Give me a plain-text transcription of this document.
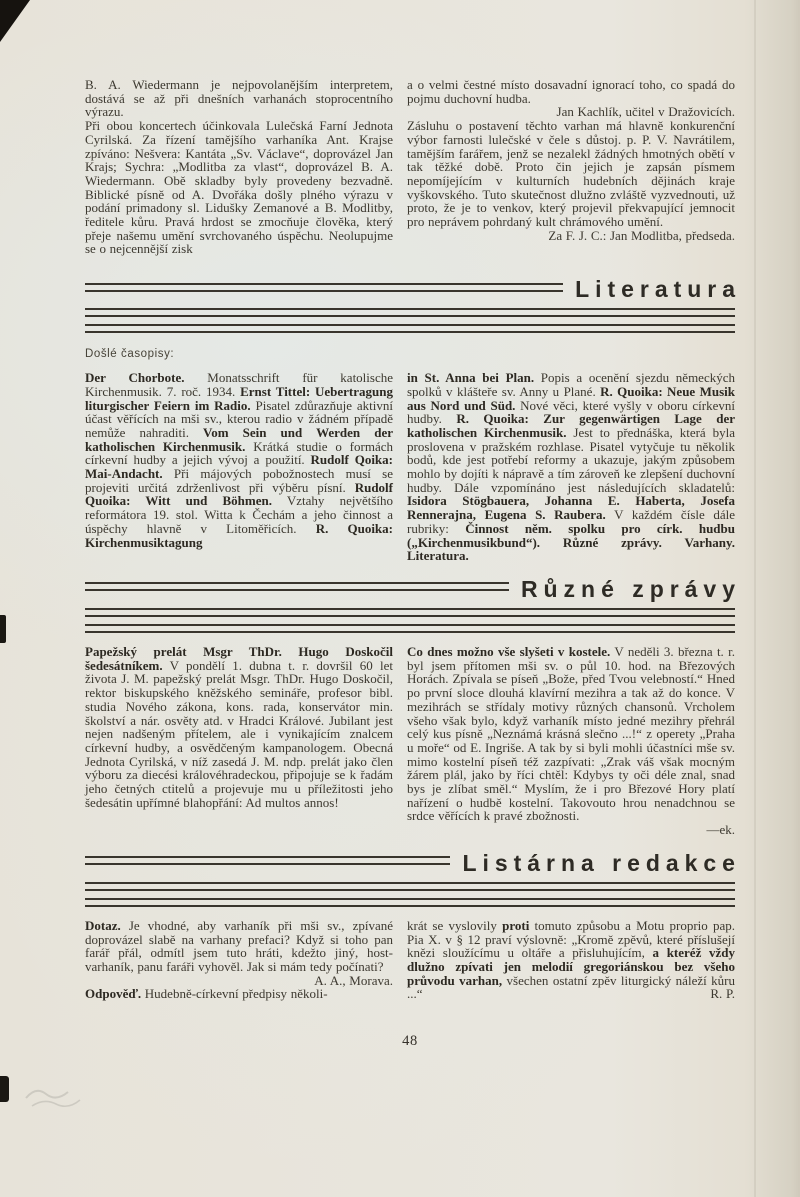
B. A. Wiedermann je nejpovolanějším interpretem, dostává se až při dnešních varhanách stoprocentního výrazu.

Při obou koncertech účinkovala Lulečská Farní Jednota Cyrilská. Za řízení tamějšího varhaníka Ant. Krajse zpíváno: Nešvera: Kantáta „Sv. Václave“, doprovázel Jan Krajs; Sychra: „Modlitba za vlast“, doprovázel B. A. Wiedermann. Obě skladby byly provedeny bezvadně. Biblické písně od A. Dvořáka došly plného výrazu v podání primadony sl. Lidušky Zemanové a B. Modlitby, ředitele kůru. Pravá hrdost se zmocňuje člověka, který přeje našemu umění svrchovaného úspěchu. Neolupujme se o nejcennější zisk

a o velmi čestné místo dosavadní ignorací toho, co spadá do pojmu duchovní hudba.

Jan Kachlík, učitel v Dražovicích.

Zásluhu o postavení těchto varhan má hlavně konkurenční výbor farnosti lulečské v čele s důstoj. p. P. V. Navrátilem, tamějším farářem, jenž se nezalekl žádných hmotných obětí v tak těžké době. Proto čin jejich je zapsán písmem nepomíjejícím v kulturních hudebních dějinách kraje vyškovského. Tuto skutečnost dlužno zvláště vyzvednouti, už proto, že je to venkov, který projevil překvapující jemnocit pro neprávem pohrdaný kult chrámového umění.

Za F. J. C.: Jan Modlitba, předseda.

Literatura
Došlé časopisy:

Der Chorbote. Monatsschrift für katolische Kirchenmusik. 7. roč. 1934. Ernst Tittel: Uebertragung liturgischer Feiern im Radio. Pisatel zdůrazňuje aktivní účast věřících na mši sv., kterou radio v žádném případě nemůže nahraditi. Vom Sein und Werden der katholischen Kirchenmusik. Krátká studie o formách církevní hudby a jejich vývoj a použití. Rudolf Qoika: Mai-Andacht. Při májových pobožnostech musí se projeviti určitá zdrženlivost při výběru písní. Rudolf Quoika: Witt und Böhmen. Vztahy největšího reformátora 19. stol. Witta k Čechám a jeho činnost a úspěchy hlavně v Litoměřicích. R. Quoika: Kirchenmusiktagung

in St. Anna bei Plan. Popis a ocenění sjezdu německých spolků v klášteře sv. Anny u Plané. R. Quoika: Neue Musik aus Nord und Süd. Nové věci, které vyšly v oboru církevní hudby. R. Quoika: Zur gegenwärtigen Lage der katholischen Kirchenmusik. Jest to přednáška, která byla proslovena v pražském rozhlase. Pisatel vytyčuje tu několik bodů, kde jest potřebí reformy a ukazuje, jakým způsobem mohlo by dojíti k nápravě a tím zároveň ke zlepšení duchovní hudby. Dále vzpomínáno jest následujících skladatelů: Isidora Stögbauera, Johanna E. Haberta, Josefa Rennerajna, Eugena S. Raubera. V každém čísle dále rubriky: Činnost něm. spolku pro círk. hudbu („Kirchenmusikbund“). Různé zprávy. Varhany. Literatura.

Různé zprávy

Papežský prelát Msgr ThDr. Hugo Doskočil šedesátníkem. V pondělí 1. dubna t. r. dovršil 60 let života J. M. papežský prelát Msgr. ThDr. Hugo Doskočil, rektor biskupského kněžského semináře, profesor bibl. studia Nového zákona, kons. rada, konservátor min. školství a nár. osvěty atd. v Hradci Králové. Jubilant jest nejen nadšeným přítelem, ale i vynikajícím znalcem církevní hudby, a osvědčeným kampanologem. Obecná Jednota Cyrilská, v níž zasedá J. M. ndp. prelát jako člen výboru za diecési královéhradeckou, připojuje se k řadám jeho četných ctitelů a projevuje mu u příležitosti jeho šedesátin upřímné blahopřání: Ad multos annos!

Co dnes možno vše slyšeti v kostele. V neděli 3. března t. r. byl jsem přítomen mši sv. o půl 10. hod. na Březových Horách. Zpívala se píseň „Bože, před Tvou velebností.“ Hned po první sloce dlouhá klavírní mezihra a tak až do konce. V mezihrách se střídaly motivy různých chansonů. Vrcholem všeho však bylo, když varhaník místo jedné mezihry přehrál celý kus písně „Neznámá krásná slečno ...!“ z operety „Praha u moře“ od E. Ingriše. A tak by si byli mohli účastníci mše sv. mimo kostelní píseň též zazpívati: „Zrak váš však mocným žárem plál, jako by říci chtěl: Kdybys ty oči déle znal, snad bys je zlíbat směl.“ Myslím, že i pro Březové Hory platí nařízení o hudbě kostelní. Takovouto hrou nenadchnou se srdce věřících k pravé zbožnosti.

—ek.

Listárna redakce

Dotaz. Je vhodné, aby varhaník při mši sv., zpívané doprovázel slabě na varhany prefaci? Když si toho pan farář přál, odmítl jsem tuto hráti, kdežto jiný, host-varhaník, panu faráři vyhověl. Jak si mám tedy počínati?

A. A., Morava.

Odpověď. Hudebně-církevní předpisy několi-

krát se vyslovily proti tomuto způsobu a Motu proprio pap. Pia X. v § 12 praví výslovně: „Kromě zpěvů, které příslušejí knězi sloužícímu u oltáře a přisluhujícím, a kteréž vždy dlužno zpívati jen melodií gregoriánskou bez všeho průvodu varhan, všechen ostatní zpěv liturgický náleží kůru ...“	R. P.

48
